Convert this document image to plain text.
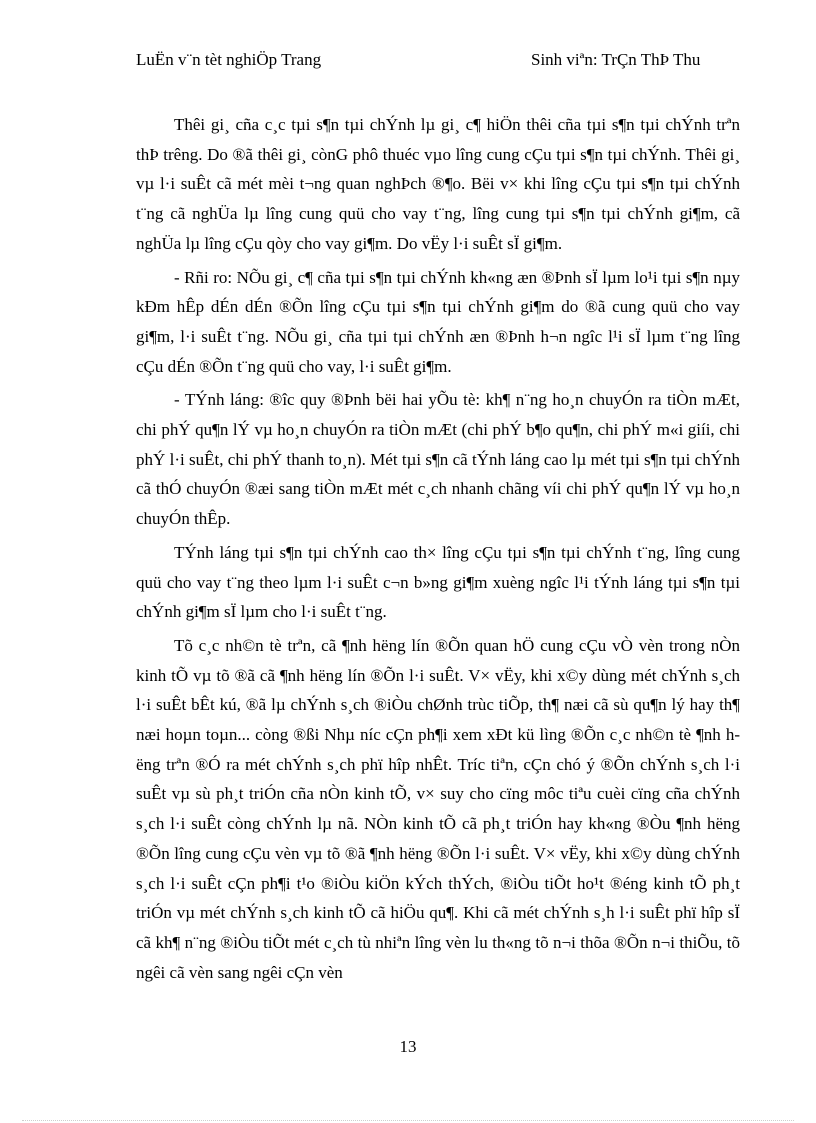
LuËn v¨n tèt nghiÖp Trang	Sinh viªn: TrÇn ThÞ Thu

Thêi gi¸ cña c¸c tµi s¶n tµi chÝnh lµ gi¸ c¶ hiÖn thêi cña tµi s¶n tµi chÝnh trªn thÞ trêng. Do ®ã thêi gi¸ cònG phô thuéc vµo lîng cung cÇu tµi s¶n tµi chÝnh. Thêi gi¸ vµ l·i suÊt cã mét mèi t¬ng quan nghÞch ®¶o. Bëi v× khi lîng cÇu tµi s¶n tµi chÝnh t¨ng cã nghÜa lµ lîng cung quü cho vay t¨ng, lîng cung tµi s¶n tµi chÝnh gi¶m, cã nghÜa lµ lîng cÇu qòy cho vay gi¶m. Do vËy l·i suÊt sÏ gi¶m.

- Rñi ro: NÕu gi¸ c¶ cña tµi s¶n tµi chÝnh kh«ng æn ®Þnh sÏ lµm lo¹i tµi s¶n nµy kÐm hÊp dÉn dÉn ®Õn lîng cÇu tµi s¶n tµi chÝnh gi¶m do ®ã cung quü cho vay gi¶m, l·i suÊt t¨ng. NÕu gi¸ cña tµi tµi chÝnh æn ®Þnh h¬n ngîc l¹i sÏ lµm t¨ng lîng cÇu dÉn ®Õn t¨ng quü cho vay, l·i suÊt gi¶m.

- TÝnh láng: ®îc quy ®Þnh bëi hai yÕu tè: kh¶ n¨ng ho¸n chuyÓn ra tiÒn mÆt, chi phÝ qu¶n lÝ vµ ho¸n chuyÓn ra tiÒn mÆt (chi phÝ b¶o qu¶n, chi phÝ m«i giíi, chi phÝ l·i suÊt, chi phÝ thanh to¸n). Mét tµi s¶n cã tÝnh láng cao lµ mét tµi s¶n tµi chÝnh cã thÓ chuyÓn ®æi sang tiÒn mÆt mét c¸ch nhanh chãng víi chi phÝ qu¶n lÝ vµ ho¸n chuyÓn thÊp.

TÝnh láng tµi s¶n tµi chÝnh cao th× lîng cÇu tµi s¶n tµi chÝnh t¨ng, lîng cung quü cho vay t¨ng theo lµm l·i suÊt c¬n b»ng gi¶m xuèng ngîc l¹i tÝnh láng tµi s¶n tµi chÝnh gi¶m sÏ lµm cho l·i suÊt t¨ng.

Tõ c¸c nh©n tè trªn, cã ¶nh hëng lín ®Õn quan hÖ cung cÇu vÒ vèn trong nÒn kinh tÕ vµ tõ ®ã cã ¶nh hëng lín ®Õn l·i suÊt. V× vËy, khi x©y dùng mét chÝnh s¸ch l·i suÊt bÊt kú, ®ã lµ chÝnh s¸ch ®iÒu chØnh trùc tiÕp, th¶ næi cã sù qu¶n lý hay th¶ næi hoµn toµn... còng ®ßi Nhµ níc cÇn ph¶i xem xÐt kü lìng ®Õn c¸c nh©n tè ¶nh hëng trªn ®Ó ra mét chÝnh s¸ch phï hîp nhÊt. Tríc tiªn, cÇn chó ý ®Õn chÝnh s¸ch l·i suÊt vµ sù ph¸t triÓn cña nÒn kinh tÕ, v× suy cho cïng môc tiªu cuèi cïng cña chÝnh s¸ch l·i suÊt còng chÝnh lµ nã. NÒn kinh tÕ cã ph¸t triÓn hay kh«ng ®Òu ¶nh hëng ®Õn lîng cung cÇu vèn vµ tõ ®ã ¶nh hëng ®Õn l·i suÊt. V× vËy, khi x©y dùng chÝnh s¸ch l·i suÊt cÇn ph¶i t¹o ®iÒu kiÖn kÝch thÝch, ®iÒu tiÕt ho¹t ®éng kinh tÕ ph¸t triÓn vµ mét chÝnh s¸ch kinh tÕ cã hiÖu qu¶. Khi cã mét chÝnh s¸h l·i suÊt phï hîp sÏ cã kh¶ n¨ng ®iÒu tiÕt mét c¸ch tù nhiªn lîng vèn lu th«ng tõ n¬i thõa ®Õn n¬i thiÕu, tõ ngêi cã vèn sang ngêi cÇn vèn

13
